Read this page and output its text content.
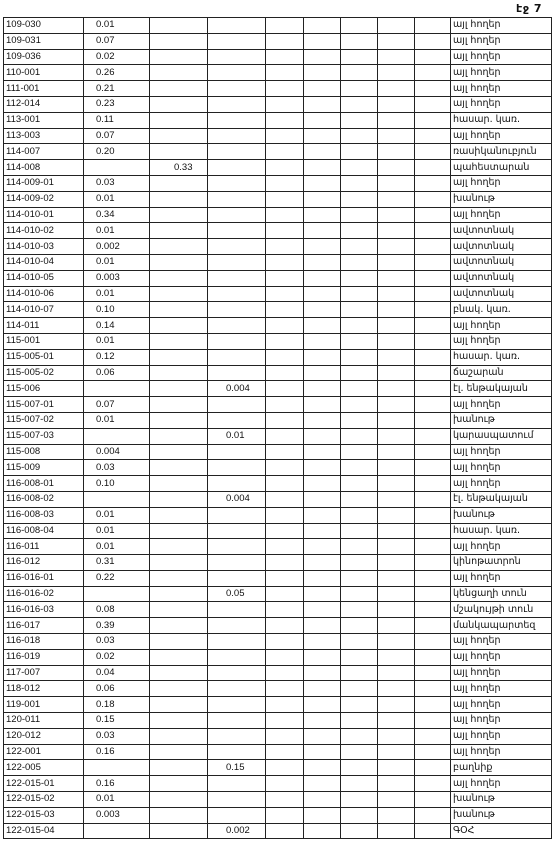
էջ 7
109-030	0.01								այլ հողեր
109-031	0.07								այլ հողեր
109-036	0.02								այլ հողեր
110-001	0.26								այլ հողեր
111-001	0.21								այլ հողեր
112-014	0.23								այլ հողեր
113-001	0.11								հասար. կառ.
113-003	0.07								այլ հողեր
114-007	0.20								ռասիկանուբյուն
114-008		0.33							պահեստարան
114-009-01	0.03								այլ հողեր
114-009-02	0.01								խանութ
114-010-01	0.34								այլ հողեր
114-010-02	0.01								ավտոտնակ
114-010-03	0.002								ավտոտնակ
114-010-04	0.01								ավտոտնակ
114-010-05	0.003								ավտոտնակ
114-010-06	0.01								ավտոտնակ
114-010-07	0.10								բնակ. կառ.
114-011	0.14								այլ հողեր
115-001	0.01								այլ հողեր
115-005-01	0.12								հասար. կառ.
115-005-02	0.06								ճաշարան
115-006			0.004						էլ. ենթակայան
115-007-01	0.07								այլ հողեր
115-007-02	0.01								խանութ
115-007-03			0.01						կարասպատում
115-008	0.004								այլ հողեր
115-009	0.03								այլ հողեր
116-008-01	0.10								այլ հողեր
116-008-02			0.004						էլ. ենթակայան
116-008-03	0.01								խանութ
116-008-04	0.01								հասար. կառ.
116-011	0.01								այլ հողեր
116-012	0.31								կինոթատրոն
116-016-01	0.22								այլ հողեր
116-016-02			0.05						կենցաղի տուն
116-016-03	0.08								մշակույթի տուն
116-017	0.39								մանկապարտեզ
116-018	0.03								այլ հողեր
116-019	0.02								այլ հողեր
117-007	0.04								այլ հողեր
118-012	0.06								այլ հողեր
119-001	0.18								այլ հողեր
120-011	0.15								այլ հողեր
120-012	0.03								այլ հողեր
122-001	0.16								այլ հողեր
122-005			0.15						բաղնիք
122-015-01	0.16								այլ հողեր
122-015-02	0.01								խանութ
122-015-03	0.003								խանութ
122-015-04			0.002						ԳՕՀ
